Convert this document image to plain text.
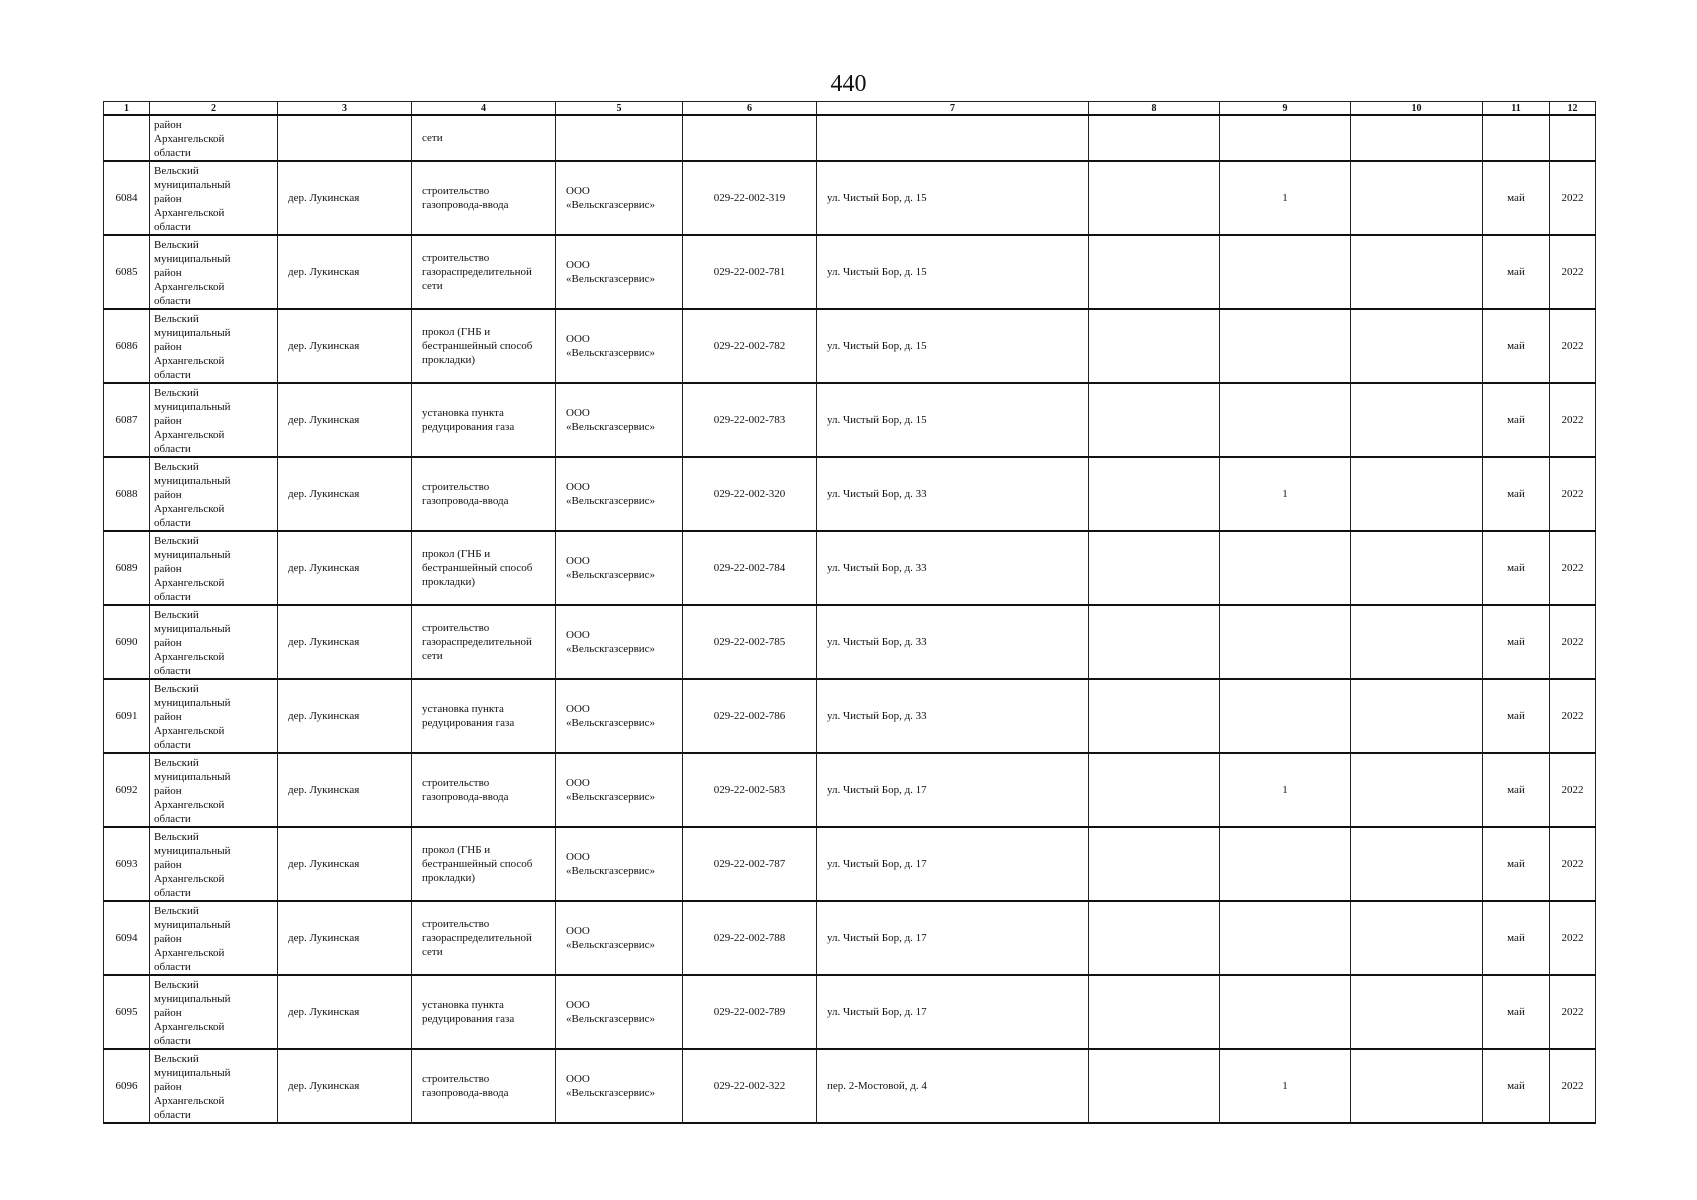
440
1	2	3	4	5	6	7	8	9	10	11	12
	район
Архангельской
области		сети								
6084	Вельский
муниципальный
район
Архангельской
области	дер. Лукинская	строительство
газопровода-ввода	ООО
«Вельскгазсервис»	029-22-002-319	ул. Чистый Бор, д. 15		1		май	2022
6085	Вельский
муниципальный
район
Архангельской
области	дер. Лукинская	строительство
газораспределительной
сети	ООО
«Вельскгазсервис»	029-22-002-781	ул. Чистый Бор, д. 15				май	2022
6086	Вельский
муниципальный
район
Архангельской
области	дер. Лукинская	прокол (ГНБ и
бестраншейный способ
прокладки)	ООО
«Вельскгазсервис»	029-22-002-782	ул. Чистый Бор, д. 15				май	2022
6087	Вельский
муниципальный
район
Архангельской
области	дер. Лукинская	установка пункта
редуцирования газа	ООО
«Вельскгазсервис»	029-22-002-783	ул. Чистый Бор, д. 15				май	2022
6088	Вельский
муниципальный
район
Архангельской
области	дер. Лукинская	строительство
газопровода-ввода	ООО
«Вельскгазсервис»	029-22-002-320	ул. Чистый Бор, д. 33		1		май	2022
6089	Вельский
муниципальный
район
Архангельской
области	дер. Лукинская	прокол (ГНБ и
бестраншейный способ
прокладки)	ООО
«Вельскгазсервис»	029-22-002-784	ул. Чистый Бор, д. 33				май	2022
6090	Вельский
муниципальный
район
Архангельской
области	дер. Лукинская	строительство
газораспределительной
сети	ООО
«Вельскгазсервис»	029-22-002-785	ул. Чистый Бор, д. 33				май	2022
6091	Вельский
муниципальный
район
Архангельской
области	дер. Лукинская	установка пункта
редуцирования газа	ООО
«Вельскгазсервис»	029-22-002-786	ул. Чистый Бор, д. 33				май	2022
6092	Вельский
муниципальный
район
Архангельской
области	дер. Лукинская	строительство
газопровода-ввода	ООО
«Вельскгазсервис»	029-22-002-583	ул. Чистый Бор, д. 17		1		май	2022
6093	Вельский
муниципальный
район
Архангельской
области	дер. Лукинская	прокол (ГНБ и
бестраншейный способ
прокладки)	ООО
«Вельскгазсервис»	029-22-002-787	ул. Чистый Бор, д. 17				май	2022
6094	Вельский
муниципальный
район
Архангельской
области	дер. Лукинская	строительство
газораспределительной
сети	ООО
«Вельскгазсервис»	029-22-002-788	ул. Чистый Бор, д. 17				май	2022
6095	Вельский
муниципальный
район
Архангельской
области	дер. Лукинская	установка пункта
редуцирования газа	ООО
«Вельскгазсервис»	029-22-002-789	ул. Чистый Бор, д. 17				май	2022
6096	Вельский
муниципальный
район
Архангельской
области	дер. Лукинская	строительство
газопровода-ввода	ООО
«Вельскгазсервис»	029-22-002-322	пер. 2-Мостовой, д. 4		1		май	2022
